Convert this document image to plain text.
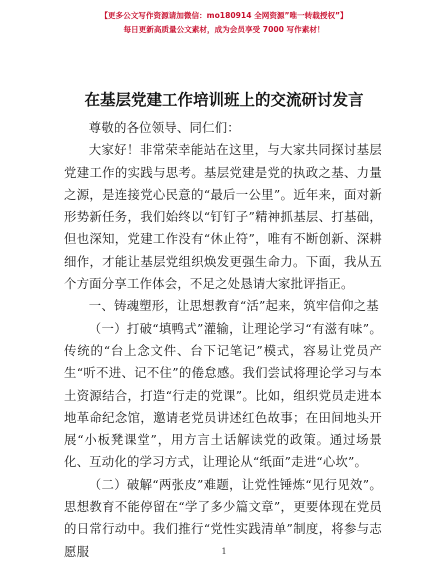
【更多公文写作资源请加微信：mo180914 全网资源”唯一转载授权”】
每日更新高质量公文素材，成为会员享受 7000 写作素材！
在基层党建工作培训班上的交流研讨发言

尊敬的各位领导、同仁们：

大家好！非常荣幸能站在这里，与大家共同探讨基层党建工作的实践与思考。基层党建是党的执政之基、力量之源，是连接党心民意的“最后一公里”。近年来，面对新形势新任务，我们始终以“钉钉子”精神抓基层、打基础，但也深知，党建工作没有“休止符”，唯有不断创新、深耕细作，才能让基层党组织焕发更强生命力。下面，我从五个方面分享工作体会，不足之处恳请大家批评指正。

一、铸魂塑形，让思想教育“活”起来，筑牢信仰之基

（一）打破“填鸭式”灌输，让理论学习“有滋有味”。传统的“台上念文件、台下记笔记”模式，容易让党员产生“听不进、记不住”的倦怠感。我们尝试将理论学习与本土资源结合，打造“行走的党课”。比如，组织党员走进本地革命纪念馆，邀请老党员讲述红色故事；在田间地头开展“小板凳课堂”，用方言土话解读党的政策。通过场景化、互动化的学习方式，让理论从“纸面”走进“心坎”。

（二）破解“两张皮”难题，让党性锤炼“见行见效”。思想教育不能停留在“学了多少篇文章”，更要体现在党员的日常行动中。我们推行“党性实践清单”制度，将参与志愿服	1
